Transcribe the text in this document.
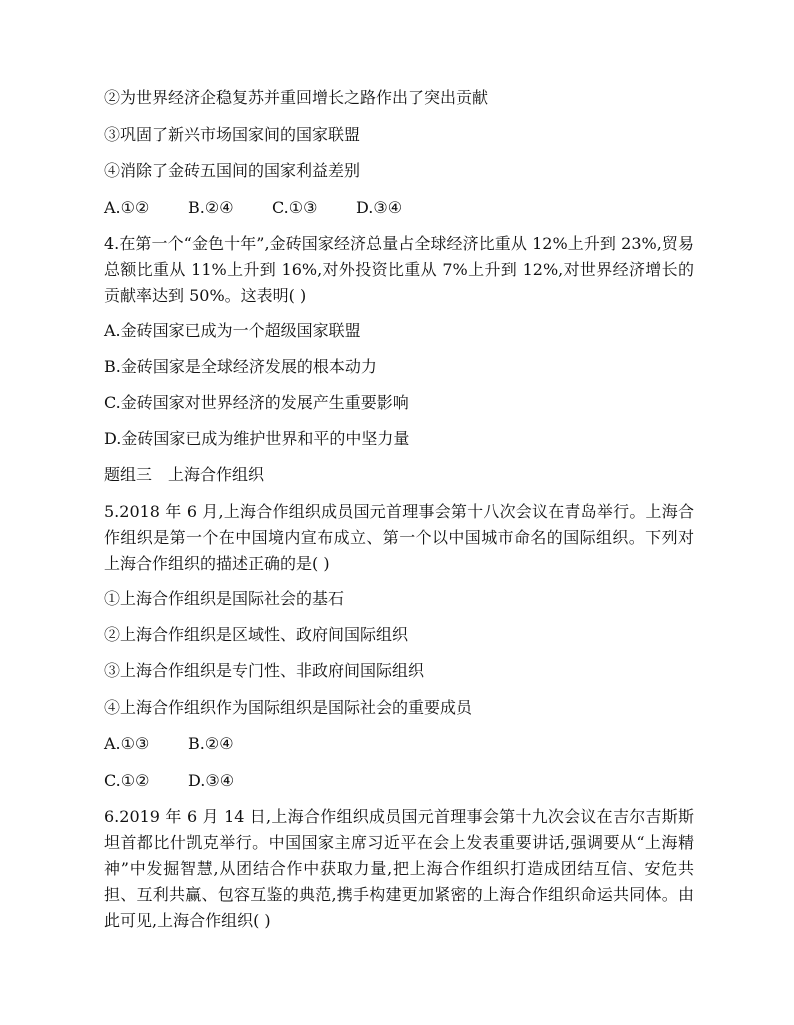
②为世界经济企稳复苏并重回增长之路作出了突出贡献
③巩固了新兴市场国家间的国家联盟
④消除了金砖五国间的国家利益差别
A.①② B.②④ C.①③ D.③④
4.在第一个“金色十年”,金砖国家经济总量占全球经济比重从 12%上升到 23%,贸易总额比重从 11%上升到 16%,对外投资比重从 7%上升到 12%,对世界经济增长的贡献率达到 50%。这表明( )
A.金砖国家已成为一个超级国家联盟
B.金砖国家是全球经济发展的根本动力
C.金砖国家对世界经济的发展产生重要影响
D.金砖国家已成为维护世界和平的中坚力量
题组三　上海合作组织
5.2018 年 6 月,上海合作组织成员国元首理事会第十八次会议在青岛举行。上海合作组织是第一个在中国境内宣布成立、第一个以中国城市命名的国际组织。下列对上海合作组织的描述正确的是( )
①上海合作组织是国际社会的基石
②上海合作组织是区域性、政府间国际组织
③上海合作组织是专门性、非政府间国际组织
④上海合作组织作为国际组织是国际社会的重要成员
A.①③ B.②④
C.①② D.③④
6.2019 年 6 月 14 日,上海合作组织成员国元首理事会第十九次会议在吉尔吉斯斯坦首都比什凯克举行。中国国家主席习近平在会上发表重要讲话,强调要从“上海精神”中发掘智慧,从团结合作中获取力量,把上海合作组织打造成团结互信、安危共担、互利共赢、包容互鉴的典范,携手构建更加紧密的上海合作组织命运共同体。由此可见,上海合作组织( )
